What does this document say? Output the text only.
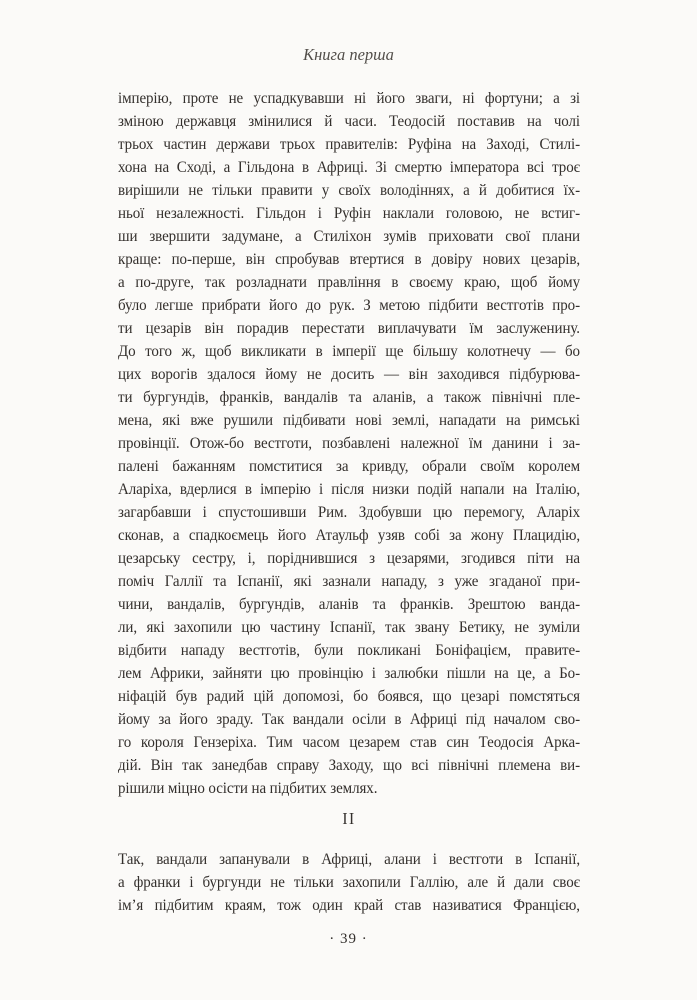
Книга перша
імперію, проте не успадкувавши ні його зваги, ні фортуни; а зі
зміною державця змінилися й часи. Теодосій поставив на чолі
трьох частин держави трьох правителів: Руфіна на Заході, Стилі-
хона на Сході, а Гільдона в Африці. Зі смертю імператора всі троє
вирішили не тільки правити у своїх володіннях, а й добитися їх-
ньої незалежності. Гільдон і Руфін наклали головою, не встиг-
ши звершити задумане, а Стиліхон зумів приховати свої плани
краще: по-перше, він спробував втертися в довіру нових цезарів,
а по-друге, так розладнати правління в своєму краю, щоб йому
було легше прибрати його до рук. З метою підбити вестготів про-
ти цезарів він порадив перестати виплачувати їм заслуженину.
До того ж, щоб викликати в імперії ще більшу колотнечу — бо
цих ворогів здалося йому не досить — він заходився підбурюва-
ти бургундів, франків, вандалів та аланів, а також північні пле-
мена, які вже рушили підбивати нові землі, нападати на римські
провінції. Отож-бо вестготи, позбавлені належної їм данини і за-
палені бажанням помститися за кривду, обрали своїм королем
Аларіха, вдерлися в імперію і після низки подій напали на Італію,
загарбавши і спустошивши Рим. Здобувши цю перемогу, Аларіх
сконав, а спадкоємець його Атаульф узяв собі за жону Плацидію,
цезарську сестру, і, поріднившися з цезарями, згодився піти на
поміч Галлії та Іспанії, які зазнали нападу, з уже згаданої при-
чини, вандалів, бургундів, аланів та франків. Зрештою ванда-
ли, які захопили цю частину Іспанії, так звану Бетику, не зуміли
відбити нападу вестготів, були покликані Боніфацієм, правите-
лем Африки, зайняти цю провінцію і залюбки пішли на це, а Бо-
ніфацій був радий цій допомозі, бо боявся, що цезарі помстяться
йому за його зраду. Так вандали осіли в Африці під началом сво-
го короля Гензеріха. Тим часом цезарем став син Теодосія Арка-
дій. Він так занедбав справу Заходу, що всі північні племена ви-
рішили міцно осісти на підбитих землях.
II
Так, вандали запанували в Африці, алани і вестготи в Іспанії,
а франки і бургунди не тільки захопили Галлію, але й дали своє
ім’я підбитим краям, тож один край став називатися Францією,
· 39 ·
